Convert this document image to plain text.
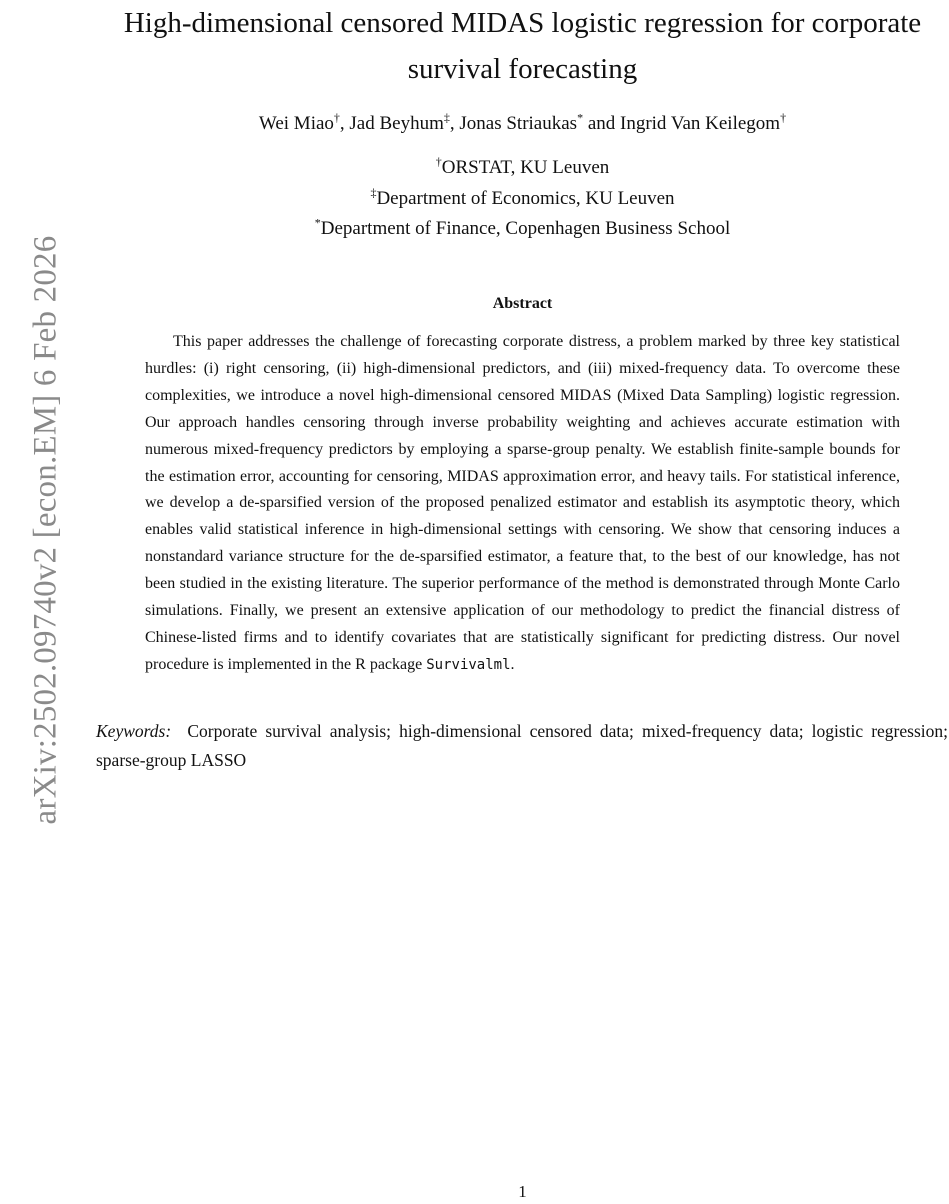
arXiv:2502.09740v2 [econ.EM] 6 Feb 2026
High-dimensional censored MIDAS logistic regression for corporate survival forecasting
Wei Miao†, Jad Beyhum‡, Jonas Striaukas* and Ingrid Van Keilegom†
†ORSTAT, KU Leuven
‡Department of Economics, KU Leuven
*Department of Finance, Copenhagen Business School
Abstract

This paper addresses the challenge of forecasting corporate distress, a problem marked by three key statistical hurdles: (i) right censoring, (ii) high-dimensional predictors, and (iii) mixed-frequency data. To overcome these complexities, we introduce a novel high-dimensional censored MIDAS (Mixed Data Sampling) logistic regression. Our approach handles censoring through inverse probability weighting and achieves accurate estimation with numerous mixed-frequency predictors by employing a sparse-group penalty. We establish finite-sample bounds for the estimation error, accounting for censoring, MIDAS approximation error, and heavy tails. For statistical inference, we develop a de-sparsified version of the proposed penalized estimator and establish its asymptotic theory, which enables valid statistical inference in high-dimensional settings with censoring. We show that censoring induces a nonstandard variance structure for the de-sparsified estimator, a feature that, to the best of our knowledge, has not been studied in the existing literature. The superior performance of the method is demonstrated through Monte Carlo simulations. Finally, we present an extensive application of our methodology to predict the financial distress of Chinese-listed firms and to identify covariates that are statistically significant for predicting distress. Our novel procedure is implemented in the R package Survivalml.

Keywords: Corporate survival analysis; high-dimensional censored data; mixed-frequency data; logistic regression; sparse-group LASSO

1
